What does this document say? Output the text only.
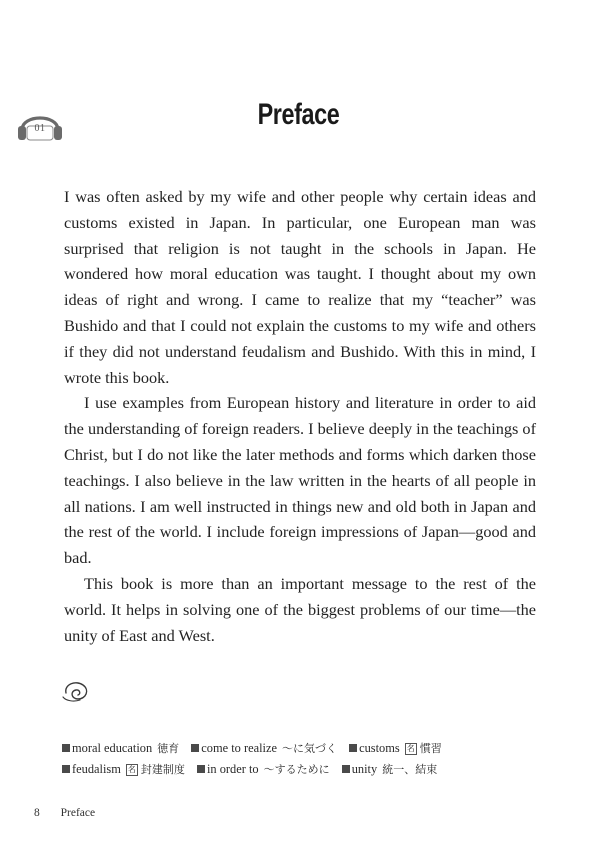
01	Preface

I was often asked by my wife and other people why certain ideas and customs existed in Japan. In particular, one European man was surprised that religion is not taught in the schools in Japan. He wondered how moral education was taught. I thought about my own ideas of right and wrong. I came to realize that my “teacher” was Bushido and that I could not explain the customs to my wife and others if they did not understand feudalism and Bushido. With this in mind, I wrote this book.

I use examples from European history and literature in order to aid the understanding of foreign readers. I believe deeply in the teachings of Christ, but I do not like the later methods and forms which darken those teachings. I also believe in the law written in the hearts of all people in all nations. I am well instructed in things new and old both in Japan and the rest of the world. I include foreign impressions of Japan—good and bad.

This book is more than an important message to the rest of the world. It helps in solving one of the biggest problems of our time—the unity of East and West.

moral education 徳育 come to realize ～に気づく customs 名 慣習
feudalism 名 封建制度 in order to ～するために unity 統一、結束
8 Preface
